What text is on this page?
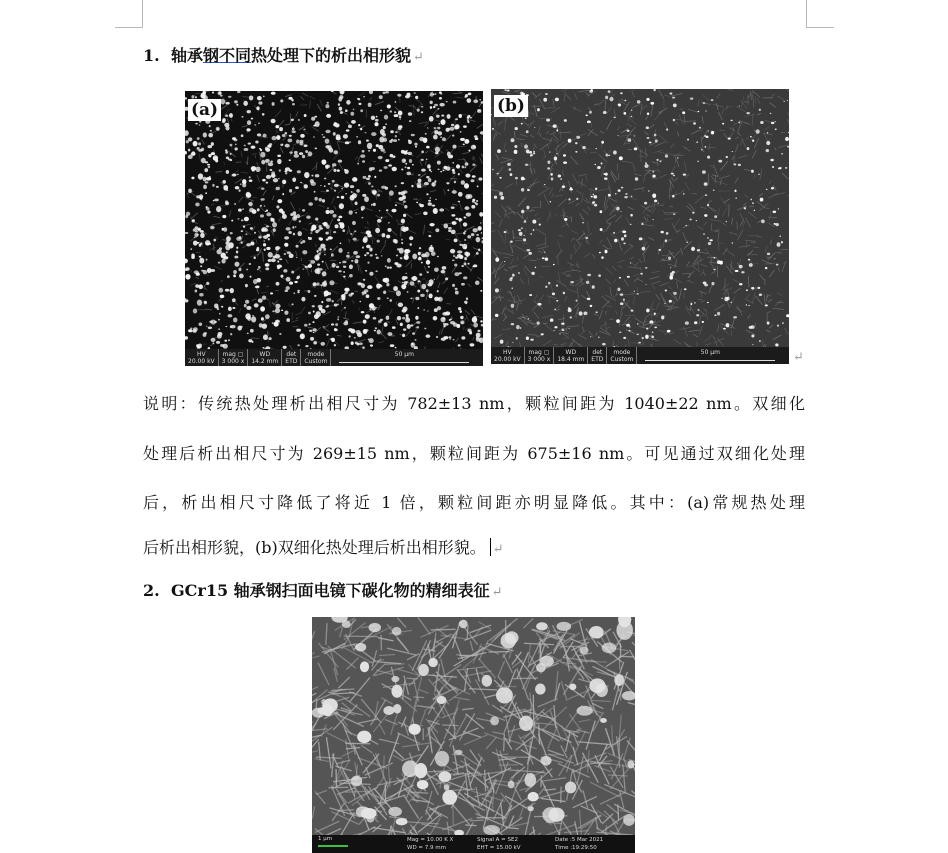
1. 轴承钢不同热处理下的析出相形貌 ↵
(a)
HV
20.00 kV	mag ▢
3 000 x	WD
14.2 mm	det
ETD	mode
Custom	50 μm

(b)
HV
20.00 kV	mag ▢
3 000 x	WD
18.4 mm	det
ETD	mode
Custom	50 μm	↵
说明：传统热处理析出相尺寸为 782±13 nm，颗粒间距为 1040±22 nm。双细化
处理后析出相尺寸为 269±15 nm，颗粒间距为 675±16 nm。可见通过双细化处理
后，析出相尺寸降低了将近 1 倍，颗粒间距亦明显降低。其中：(a)常规热处理
后析出相形貌，(b)双细化热处理后析出相形貌。 ↵
2. GCr15 轴承钢扫面电镜下碳化物的精细表征 ↵
1 μm	Mag = 10.00 K X
WD = 7.9 mm
Signal A = SE2
EHT = 15.00 kV
Date :5 Mar 2021
Time :19:29:50
